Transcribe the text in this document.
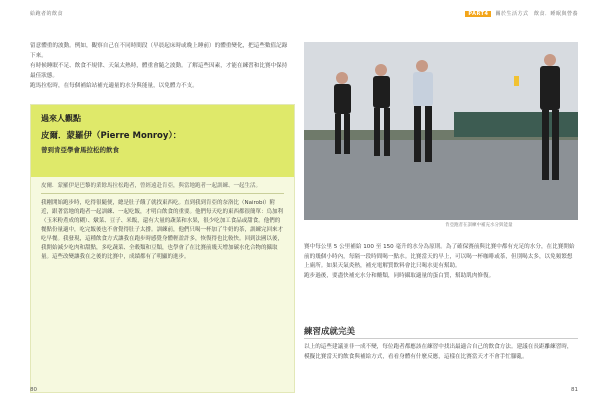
給跑者的飲食	PART4	關於生活方式　飲食．睡眠與營養

留意體重的波動。例如，觀察自己在不同時間段（早晨起床時或晚上睡前）的體重變化，把這些數值記錄下來。

有時候睡眠不足、飲食不規律、天氣太熱時，體重會隨之波動。了解這些因素，才能在練習和比賽中保持最佳狀態。

跑馬拉松時，在每個補給站補充適量的水分與能量，以免體力不支。

過來人觀點
皮爾．蒙羅伊（Pierre Monroy）：
曾到肯亞學會馬拉松的飲食
皮爾．蒙羅伊是巴黎的業餘馬拉松跑者，曾經遠赴肯亞，與當地跑者一起訓練、一起生活。
我剛開始跑步時，吃得很隨便，總是肚子餓了就找東西吃。直到我到肯亞的奈洛比（Nairobi）附近，跟著當地的跑者一起訓練、一起吃飯，才明白飲食的重要。他們每天吃的東西都很簡單：烏加利（玉米粉煮成的糊）、燉菜、豆子、米飯，還有大量的蔬菜和水果，很少吃加工食品或甜食。他們的餐點份量適中，吃完飯後也不會覺得肚子太撐。訓練前，他們只喝一杯加了牛奶的茶，訓練完回來才吃早餐。我發現，這種飲食方式讓我在跑步時感覺身體輕盈許多，恢復得也比較快。回到法國以後，我開始減少吃肉和甜點，多吃蔬菜、全穀類和豆類，也學會了在比賽前幾天增加碳水化合物的攝取量。這些改變讓我在之後的比賽中，成績都有了明顯的進步。
肯亞跑者在訓練中補充水分與能量

賽中每公里 5 公里補給 100 至 150 毫升的水分為原則。為了確保賽前與比賽中都有充足的水分，在比賽開始前的幾個小時內，每隔一段時間喝一點水。比賽當天的早上，可以喝一杯咖啡或茶，但別喝太多，以免頻繁想上廁所。如果天氣炎熱，補充電解質飲料會比只喝水更有幫助。

跑步過後，要盡快補充水分和醣類，同時攝取適量的蛋白質，幫助肌肉修復。

練習成就完美

以上的這些建議並非一成不變，每位跑者都應該在練習中找出最適合自己的飲食方法。建議在長距離練習時，模擬比賽當天的飲食與補給方式，看看身體有什麼反應，這樣在比賽當天才不會手忙腳亂。

80	81
